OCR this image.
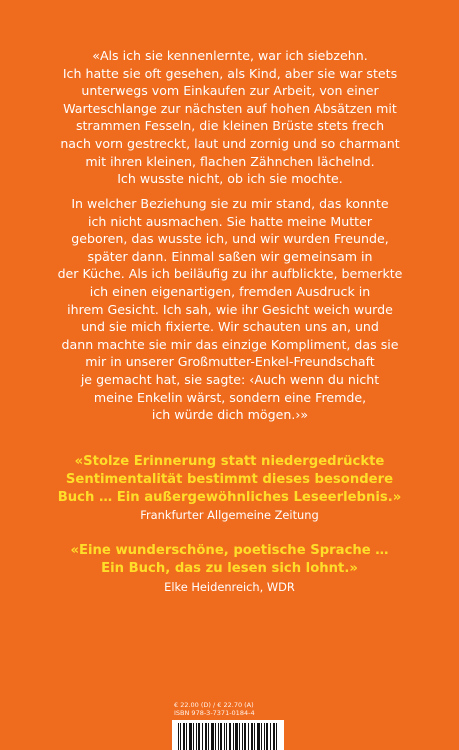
«Als ich sie kennenlernte, war ich siebzehn.
Ich hatte sie oft gesehen, als Kind, aber sie war stets
unterwegs vom Einkaufen zur Arbeit, von einer
Warteschlange zur nächsten auf hohen Absätzen mit
strammen Fesseln, die kleinen Brüste stets frech
nach vorn gestreckt, laut und zornig und so charmant
mit ihren kleinen, flachen Zähnchen lächelnd.
Ich wusste nicht, ob ich sie mochte.
In welcher Beziehung sie zu mir stand, das konnte
ich nicht ausmachen. Sie hatte meine Mutter
geboren, das wusste ich, und wir wurden Freunde,
später dann. Einmal saßen wir gemeinsam in
der Küche. Als ich beiläufig zu ihr aufblickte, bemerkte
ich einen eigenartigen, fremden Ausdruck in
ihrem Gesicht. Ich sah, wie ihr Gesicht weich wurde
und sie mich fixierte. Wir schauten uns an, und
dann machte sie mir das einzige Kompliment, das sie
mir in unserer Großmutter-Enkel-Freundschaft
je gemacht hat, sie sagte: ‹Auch wenn du nicht
meine Enkelin wärst, sondern eine Fremde,
ich würde dich mögen.›»
«Stolze Erinnerung statt niedergedrückte
Sentimentalität bestimmt dieses besondere
Buch … Ein außergewöhnliches Leseerlebnis.»
Frankfurter Allgemeine Zeitung
«Eine wunderschöne, poetische Sprache …
Ein Buch, das zu lesen sich lohnt.»
Elke Heidenreich, WDR
€ 22.00 (D) / € 22.70 (A)
ISBN 978-3-7371-0184-4
